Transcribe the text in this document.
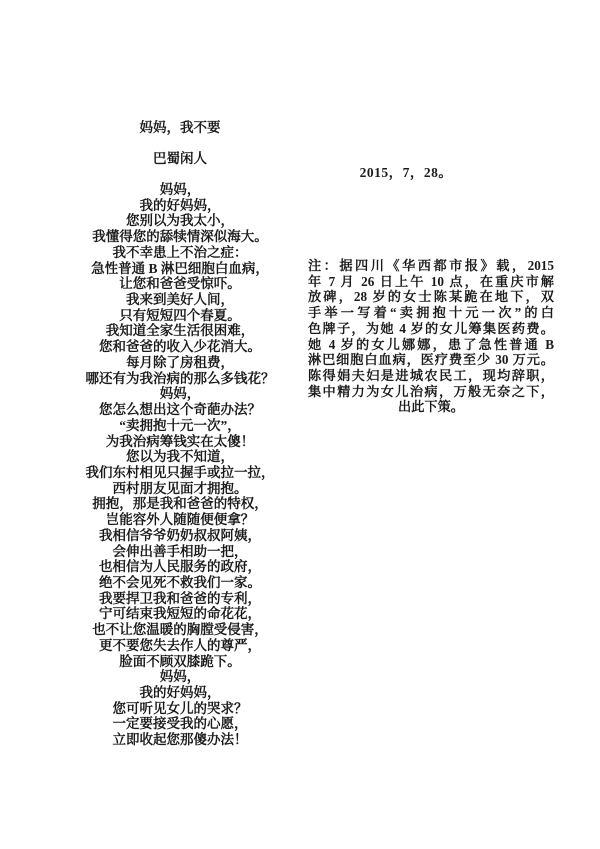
妈妈，我不要
巴蜀闲人
2015，7，28。
妈妈，
我的好妈妈，
您别以为我太小，
我懂得您的舔犊情深似海大。
我不幸患上不治之症：
急性普通 B 淋巴细胞白血病，
让您和爸爸受惊吓。
我来到美好人间，
只有短短四个春夏。
我知道全家生活很困难，
您和爸爸的收入少花消大。
每月除了房租费，
哪还有为我治病的那么多钱花？
妈妈，
您怎么想出这个奇葩办法？
“卖拥抱十元一次”，
为我治病筹钱实在太傻！
您以为我不知道，
我们东村相见只握手或拉一拉，
西村朋友见面才拥抱。
拥抱，那是我和爸爸的特权，
岂能容外人随随便便拿？
我相信爷爷奶奶叔叔阿姨，
会伸出善手相助一把，
也相信为人民服务的政府，
绝不会见死不救我们一家。
我要捍卫我和爸爸的专利，
宁可结束我短短的命花花，
也不让您温暖的胸膛受侵害，
更不要您失去作人的尊严，
脸面不顾双膝跪下。
妈妈，
我的好妈妈，
您可听见女儿的哭求？
一定要接受我的心愿，
立即收起您那傻办法！
注：据四川《华西都市报》载，2015
年 7 月 26 日上午 10 点，在重庆市解
放碑，28 岁的女士陈某跪在地下，双
手举一写着“卖拥抱十元一次”的白
色牌子，为她 4 岁的女儿筹集医药费。
她 4 岁的女儿娜娜，患了急性普通 B
淋巴细胞白血病，医疗费至少 30 万元。
陈得娟夫妇是进城农民工，现均辞职，
集中精力为女儿治病，万般无奈之下，
出此下策。
